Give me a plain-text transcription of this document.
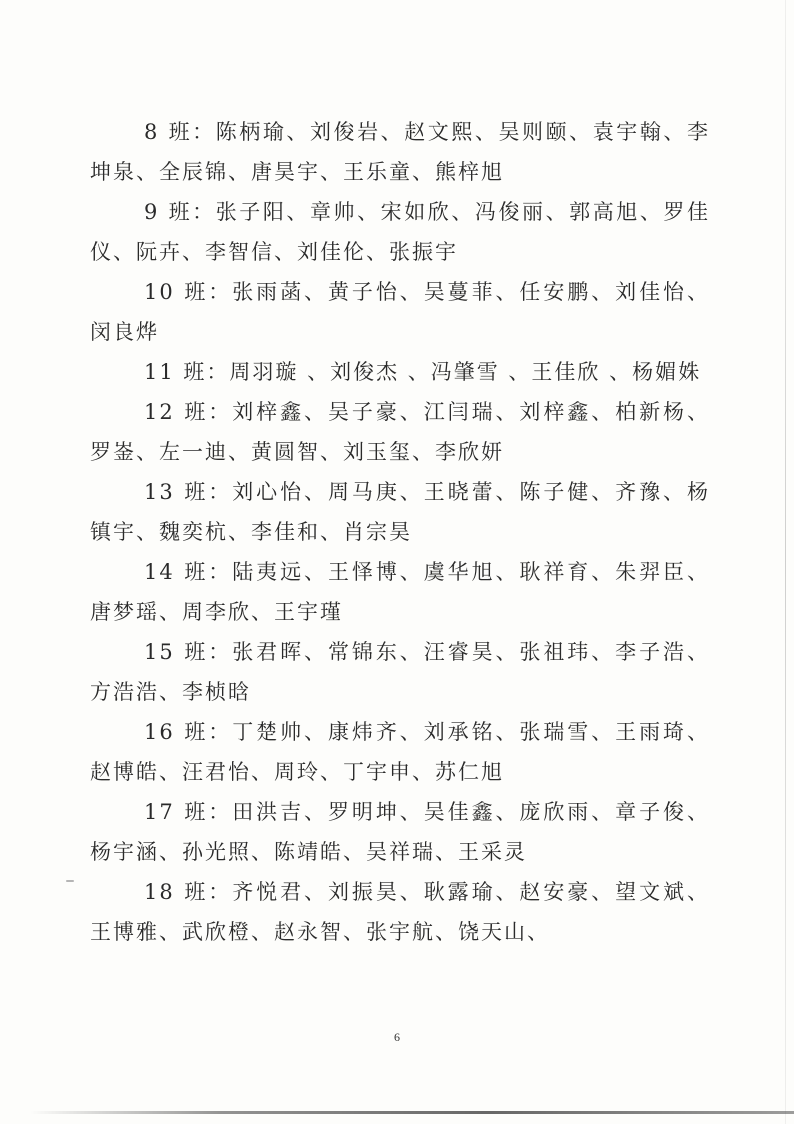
8 班：陈柄瑜、刘俊岩、赵文熙、吴则颐、袁宇翰、李坤泉、全辰锦、唐昊宇、王乐童、熊梓旭

9 班：张子阳、章帅、宋如欣、冯俊丽、郭高旭、罗佳仪、阮卉、李智信、刘佳伦、张振宇

10 班：张雨菡、黄子怡、吴蔓菲、任安鹏、刘佳怡、闵良烨

11 班：周羽璇 、刘俊杰 、冯肇雪 、王佳欣 、杨媚姝

12 班：刘梓鑫、吴子豪、江闫瑞、刘梓鑫、柏新杨、罗崟、左一迪、黄圆智、刘玉玺、李欣妍

13 班：刘心怡、周马庚、王晓蕾、陈子健、齐豫、杨镇宇、魏奕杭、李佳和、肖宗昊

14 班：陆夷远、王怿博、虞华旭、耿祥育、朱羿臣、唐梦瑶、周李欣、王宇瑾

15 班：张君晖、常锦东、汪睿昊、张祖玮、李子浩、方浩浩、李桢晗

16 班：丁楚帅、康炜齐、刘承铭、张瑞雪、王雨琦、赵博皓、汪君怡、周玲、丁宇申、苏仁旭

17 班：田洪吉、罗明坤、吴佳鑫、庞欣雨、章子俊、杨宇涵、孙光照、陈靖皓、吴祥瑞、王采灵

18 班：齐悦君、刘振昊、耿露瑜、赵安豪、望文斌、王博雅、武欣橙、赵永智、张宇航、饶天山、

6
